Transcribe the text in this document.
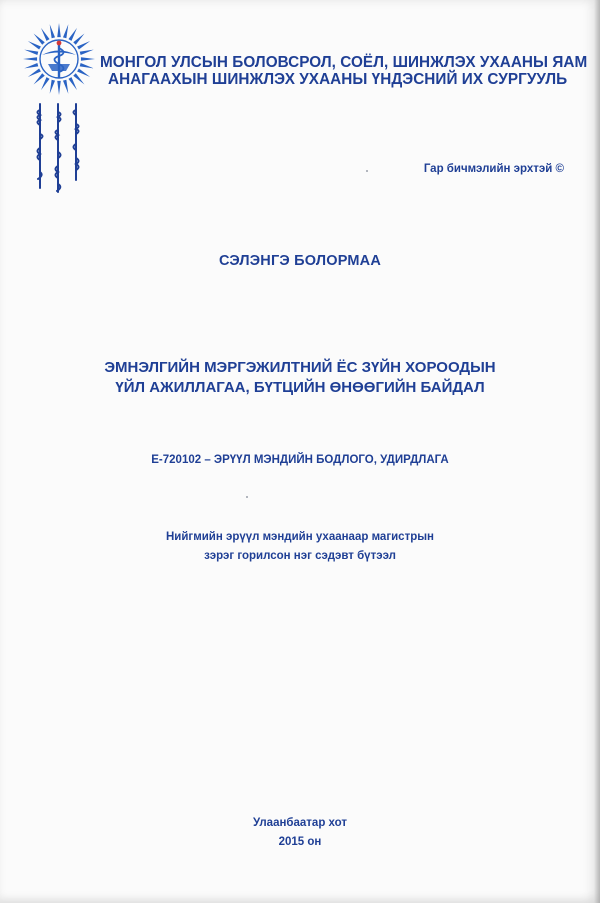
МОНГОЛ УЛСЫН БОЛОВСРОЛ, СОЁЛ, ШИНЖЛЭХ УХААНЫ ЯАМ
АНАГААХЫН ШИНЖЛЭХ УХААНЫ ҮНДЭСНИЙ ИХ СУРГУУЛЬ
Гар бичмэлийн эрхтэй ©
СЭЛЭНГЭ БОЛОРМАА
ЭМНЭЛГИЙН МЭРГЭЖИЛТНИЙ ЁС ЗҮЙН ХОРООДЫН
ҮЙЛ АЖИЛЛАГАА, БҮТЦИЙН ӨНӨӨГИЙН БАЙДАЛ
Е-720102 – ЭРҮҮЛ МЭНДИЙН БОДЛОГО, УДИРДЛАГА
Нийгмийн эрүүл мэндийн ухаанаар магистрын
зэрэг горилсон нэг сэдэвт бүтээл
Улаанбаатар хот
2015 он
